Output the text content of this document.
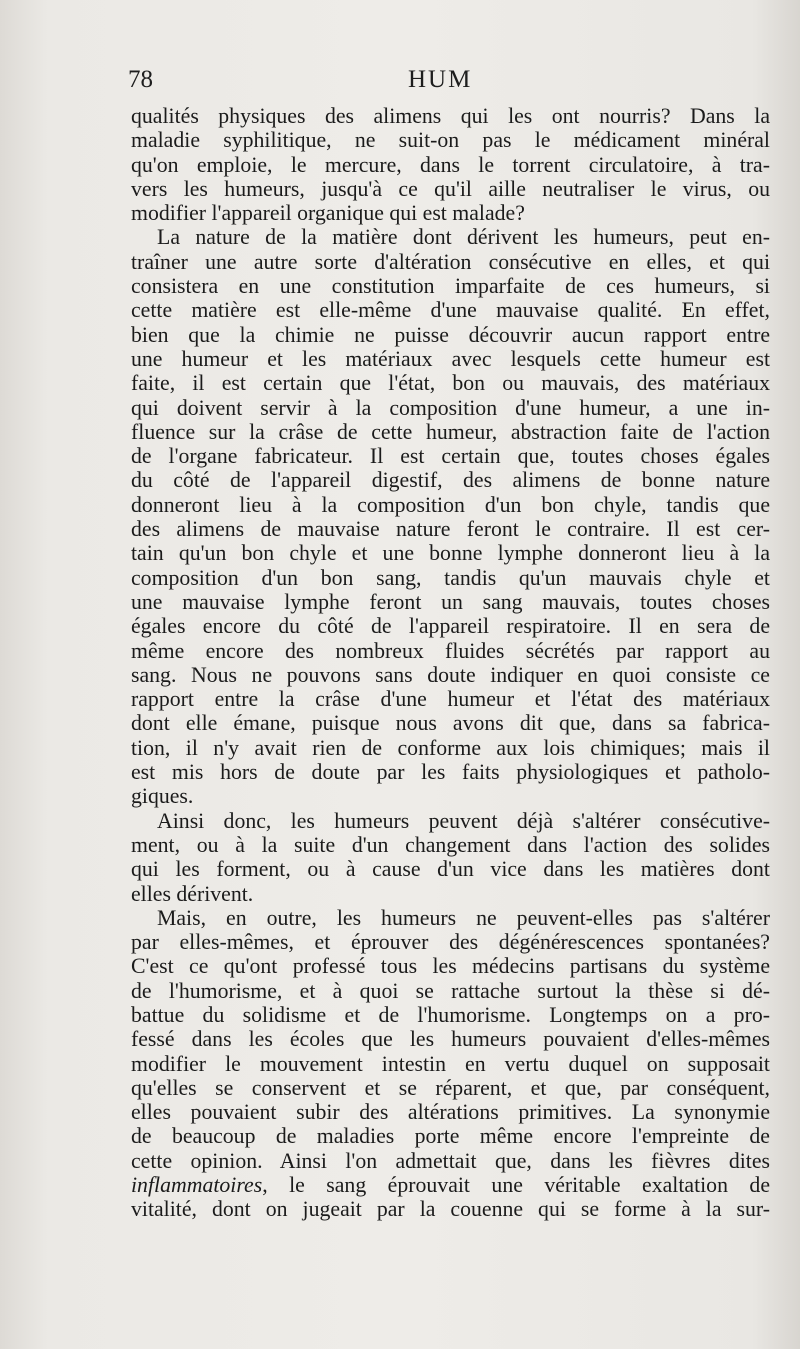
78	HUM
qualités physiques des alimens qui les ont nourris? Dans la
maladie syphilitique, ne suit-on pas le médicament minéral
qu'on emploie, le mercure, dans le torrent circulatoire, à tra-
vers les humeurs, jusqu'à ce qu'il aille neutraliser le virus, ou
modifier l'appareil organique qui est malade?
La nature de la matière dont dérivent les humeurs, peut en-
traîner une autre sorte d'altération consécutive en elles, et qui
consistera en une constitution imparfaite de ces humeurs, si
cette matière est elle-même d'une mauvaise qualité. En effet,
bien que la chimie ne puisse découvrir aucun rapport entre
une humeur et les matériaux avec lesquels cette humeur est
faite, il est certain que l'état, bon ou mauvais, des matériaux
qui doivent servir à la composition d'une humeur, a une in-
fluence sur la crâse de cette humeur, abstraction faite de l'action
de l'organe fabricateur. Il est certain que, toutes choses égales
du côté de l'appareil digestif, des alimens de bonne nature
donneront lieu à la composition d'un bon chyle, tandis que
des alimens de mauvaise nature feront le contraire. Il est cer-
tain qu'un bon chyle et une bonne lymphe donneront lieu à la
composition d'un bon sang, tandis qu'un mauvais chyle et
une mauvaise lymphe feront un sang mauvais, toutes choses
égales encore du côté de l'appareil respiratoire. Il en sera de
même encore des nombreux fluides sécrétés par rapport au
sang. Nous ne pouvons sans doute indiquer en quoi consiste ce
rapport entre la crâse d'une humeur et l'état des matériaux
dont elle émane, puisque nous avons dit que, dans sa fabrica-
tion, il n'y avait rien de conforme aux lois chimiques; mais il
est mis hors de doute par les faits physiologiques et patholo-
giques.
Ainsi donc, les humeurs peuvent déjà s'altérer consécutive-
ment, ou à la suite d'un changement dans l'action des solides
qui les forment, ou à cause d'un vice dans les matières dont
elles dérivent.
Mais, en outre, les humeurs ne peuvent-elles pas s'altérer
par elles-mêmes, et éprouver des dégénérescences spontanées?
C'est ce qu'ont professé tous les médecins partisans du système
de l'humorisme, et à quoi se rattache surtout la thèse si dé-
battue du solidisme et de l'humorisme. Longtemps on a pro-
fessé dans les écoles que les humeurs pouvaient d'elles-mêmes
modifier le mouvement intestin en vertu duquel on supposait
qu'elles se conservent et se réparent, et que, par conséquent,
elles pouvaient subir des altérations primitives. La synonymie
de beaucoup de maladies porte même encore l'empreinte de
cette opinion. Ainsi l'on admettait que, dans les fièvres dites
inflammatoires, le sang éprouvait une véritable exaltation de
vitalité, dont on jugeait par la couenne qui se forme à la sur-
